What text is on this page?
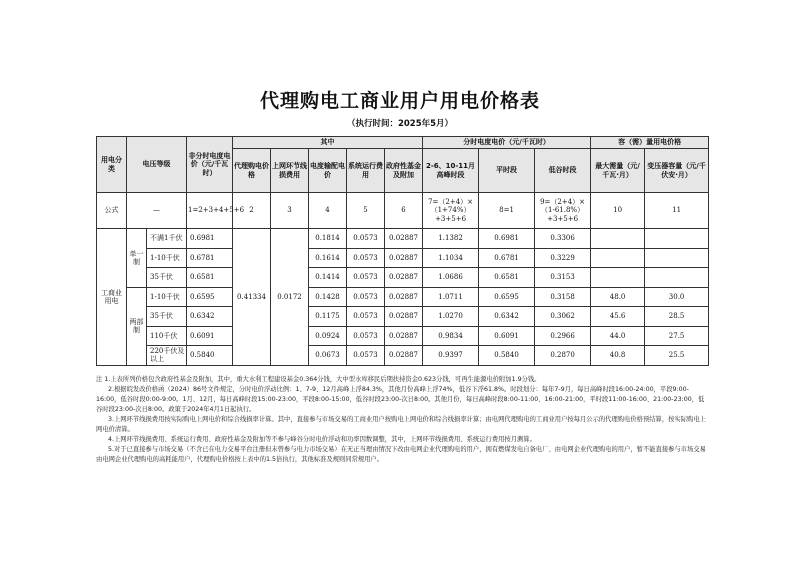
代理购电工商业用户用电价格表
（执行时间：2025年5月）
用电分类	电压等级		非分时电度电价（元/千瓦时）	其中					分时电度电价（元/千瓦时）			容（需）量用电价格	
				代理购电价格	上网环节线损费用	电度输配电价	系统运行费用	政府性基金及附加	2-6、10-11月高峰时段	平时段	低谷时段	最大需量（元/千瓦·月）	变压器容量（元/千伏安·月）
公式	—		1=2+3+4+5+6	2	3	4	5	6	7=（2+4）×（1+74%）+3+5+6	8=1	9=（2+4）×（1-61.8%）+3+5+6	10	11
工商业用电	单一制	不满1千伏	0.6981	0.41334	0.0172	0.1814	0.0573	0.02887	1.1382	0.6981	0.3306		
		1-10千伏	0.6781			0.1614	0.0573	0.02887	1.1034	0.6781	0.3229		
		35千伏	0.6581			0.1414	0.0573	0.02887	1.0686	0.6581	0.3153		
	两部制	1-10千伏	0.6595			0.1428	0.0573	0.02887	1.0711	0.6595	0.3158	48.0	30.0
		35千伏	0.6342			0.1175	0.0573	0.02887	1.0270	0.6342	0.3062	45.6	28.5
		110千伏	0.6091			0.0924	0.0573	0.02887	0.9834	0.6091	0.2966	44.0	27.5
		220千伏及以上	0.5840			0.0673	0.0573	0.02887	0.9397	0.5840	0.2870	40.8	25.5

注 1.上表所列价格包含政府性基金及附加，其中，重大水利工程建设基金0.364分钱，大中型水库移民后期扶持资金0.623分钱，可再生能源电价附加1.9分钱。

2.根据皖发改价格函（2024）86号文件规定，分时电价浮动比例：1、7-9、12月高峰上浮84.3%，其他月份高峰上浮74%，低谷下浮61.8%。时段划分：每年7-9月，每日高峰时段16:00-24:00，平段9:00-16:00，低谷时段0:00-9:00。1月、12月，每日高峰时段15:00-23:00，平段8:00-15:00，低谷时段23:00-次日8:00。其他月份，每日高峰时段8:00-11:00、16:00-21:00，平时段11:00-16:00、21:00-23:00，低谷时段23:00-次日8:00。政策于2024年4月1日起执行。

3.上网环节线损费用按实际购电上网电价和综合线损率计算。其中，直接参与市场交易的工商业用户按购电上网电价和综合线损率计算；由电网代理购电的工商业用户按每月公示的代理购电价格预结算，按实际购电上网电价清算。

4.上网环节线损费用、系统运行费用、政府性基金及附加等不参与峰谷分时电价浮动和功率因数调整，其中，上网环节线损费用、系统运行费用按月测算。

5.对于已直接参与市场交易（不含已在电力交易平台注册但未曾参与电力市场交易）在无正当理由情况下改由电网企业代理购电的用户，拥有燃煤发电自备电厂、由电网企业代理购电的用户，暂不能直接参与市场交易由电网企业代理购电的高耗能用户，代理购电价格按上表中的1.5倍执行，其他标准及规则同常规用户。
